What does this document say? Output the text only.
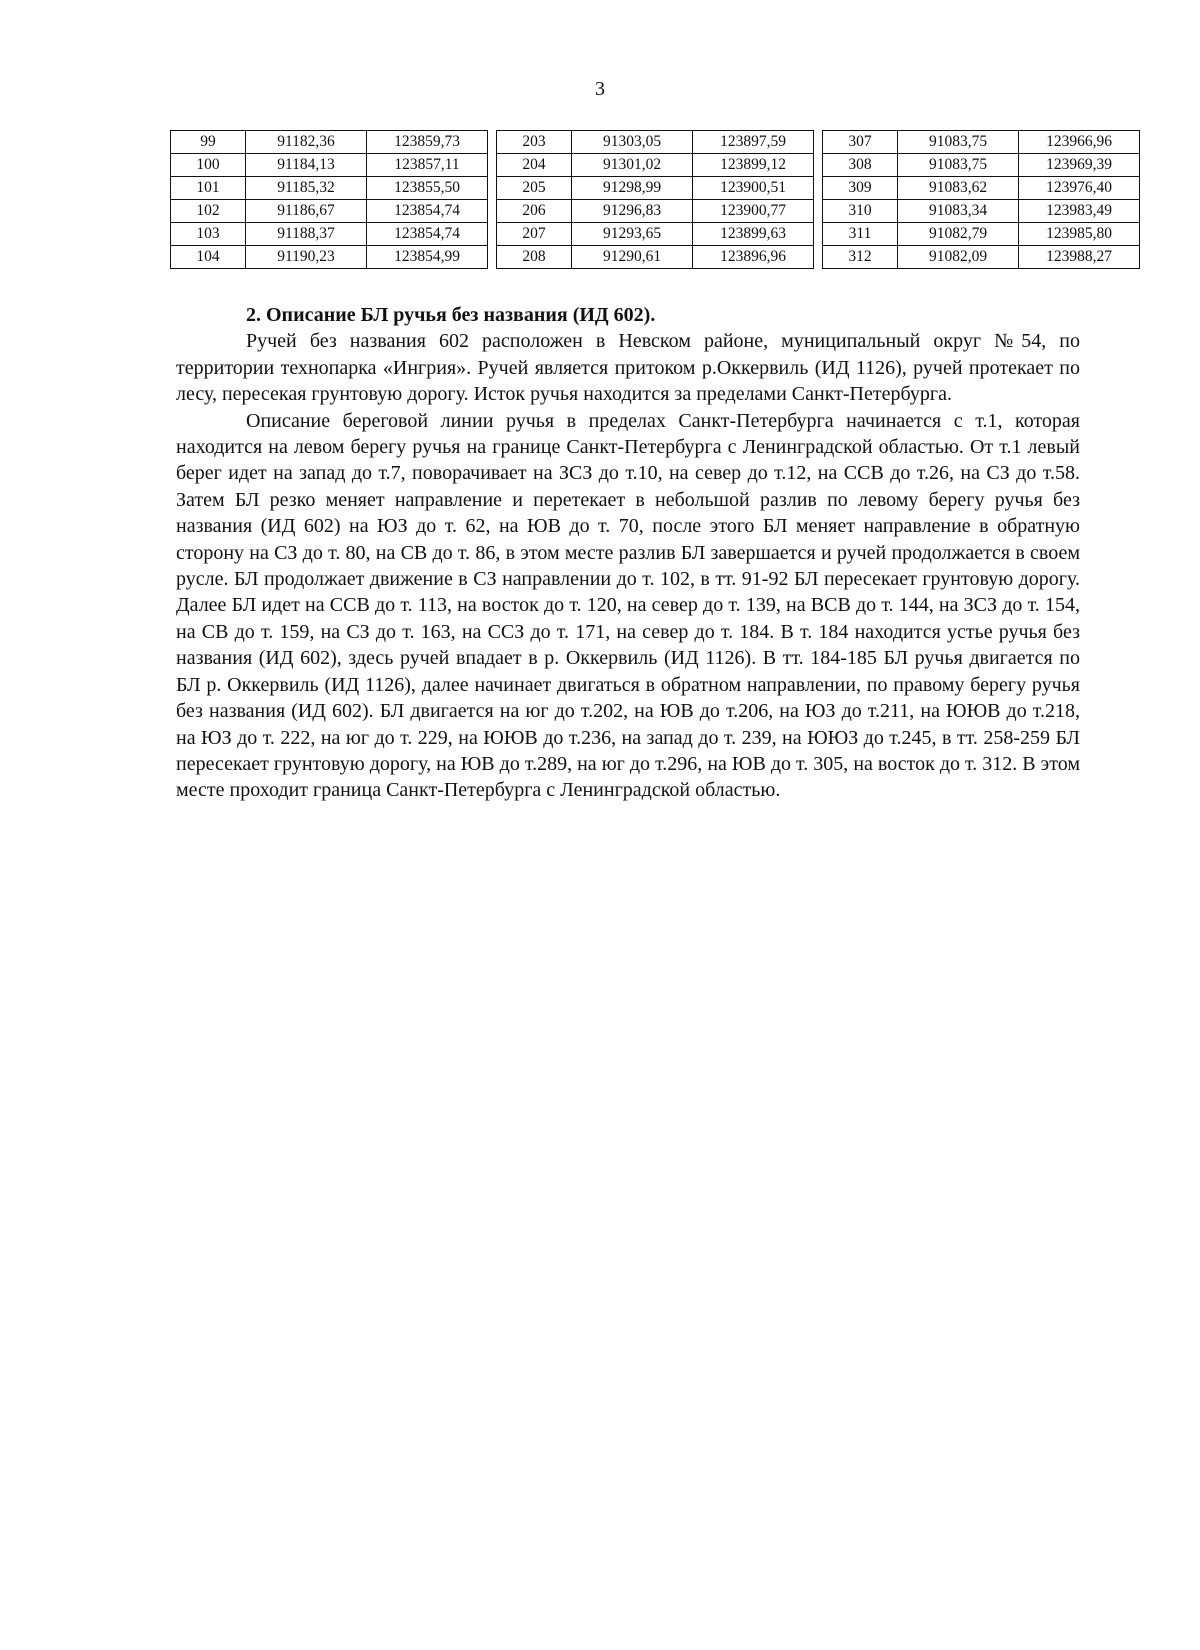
3
99	91182,36	123859,73
100	91184,13	123857,11
101	91185,32	123855,50
102	91186,67	123854,74
103	91188,37	123854,74
104	91190,23	123854,99
203	91303,05	123897,59
204	91301,02	123899,12
205	91298,99	123900,51
206	91296,83	123900,77
207	91293,65	123899,63
208	91290,61	123896,96
307	91083,75	123966,96
308	91083,75	123969,39
309	91083,62	123976,40
310	91083,34	123983,49
311	91082,79	123985,80
312	91082,09	123988,27

2. Описание БЛ ручья без названия (ИД 602).

Ручей без названия 602 расположен в Невском районе, муниципальный округ №54, по территории технопарка «Ингрия». Ручей является притоком р.Оккервиль (ИД 1126), ручей протекает по лесу, пересекая грунтовую дорогу. Исток ручья находится за пределами Санкт-Петербурга.

Описание береговой линии ручья в пределах Санкт-Петербурга начинается с т.1, которая находится на левом берегу ручья на границе Санкт-Петербурга с Ленинградской областью. От т.1 левый берег идет на запад до т.7, поворачивает на ЗСЗ до т.10, на север до т.12, на ССВ до т.26, на СЗ до т.58. Затем БЛ резко меняет направление и перетекает в небольшой разлив по левому берегу ручья без названия (ИД 602) на ЮЗ до т. 62, на ЮВ до т. 70, после этого БЛ меняет направление в обратную сторону на СЗ до т. 80, на СВ до т. 86, в этом месте разлив БЛ завершается и ручей продолжается в своем русле. БЛ продолжает движение в СЗ направлении до т. 102, в тт. 91-92 БЛ пересекает грунтовую дорогу. Далее БЛ идет на ССВ до т. 113, на восток до т. 120, на север до т. 139, на ВСВ до т. 144, на ЗСЗ до т. 154, на СВ до т. 159, на СЗ до т. 163, на ССЗ до т. 171, на север до т. 184. В т. 184 находится устье ручья без названия (ИД 602), здесь ручей впадает в р. Оккервиль (ИД 1126). В тт. 184-185 БЛ ручья двигается по БЛ р. Оккервиль (ИД 1126), далее начинает двигаться в обратном направлении, по правому берегу ручья без названия (ИД 602). БЛ двигается на юг до т.202, на ЮВ до т.206, на ЮЗ до т.211, на ЮЮВ до т.218, на ЮЗ до т. 222, на юг до т. 229, на ЮЮВ до т.236, на запад до т. 239, на ЮЮЗ до т.245, в тт. 258-259 БЛ пересекает грунтовую дорогу, на ЮВ до т.289, на юг до т.296, на ЮВ до т. 305, на восток до т. 312. В этом месте проходит граница Санкт-Петербурга с Ленинградской областью.
